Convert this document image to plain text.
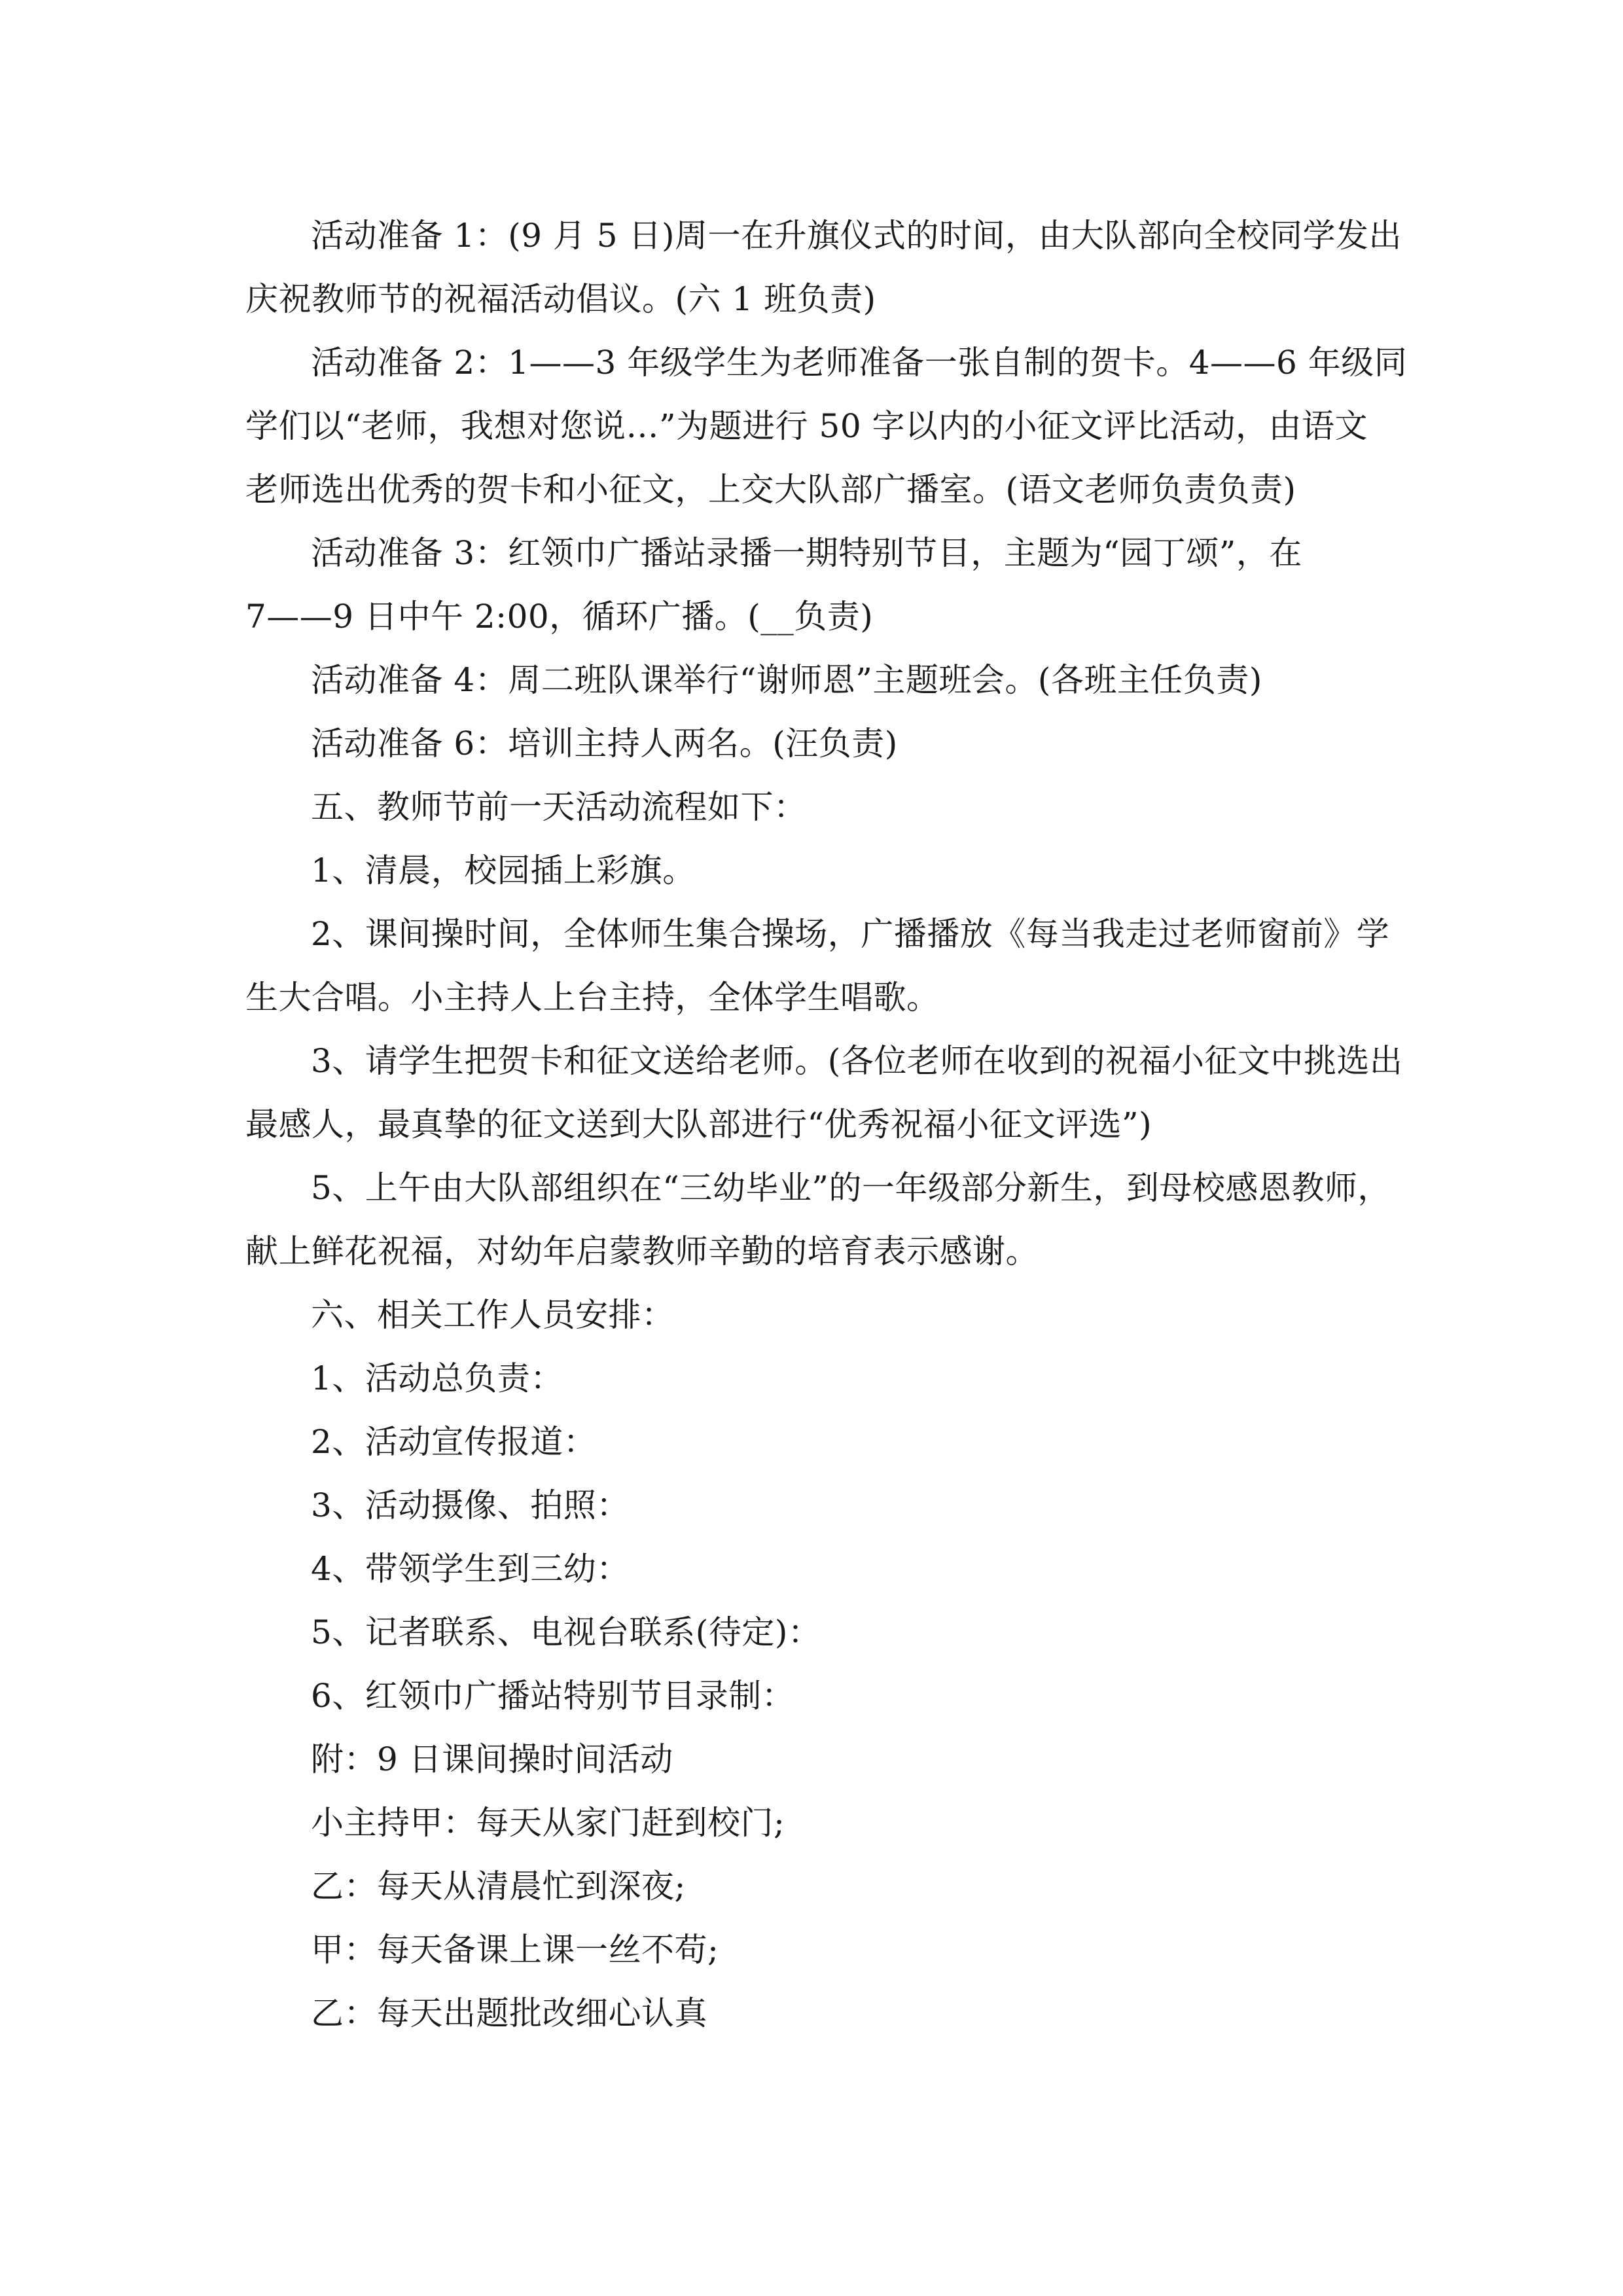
活动准备 1：(9 月 5 日)周一在升旗仪式的时间，由大队部向全校同学发出
庆祝教师节的祝福活动倡议。(六 1 班负责)
活动准备 2：1——3 年级学生为老师准备一张自制的贺卡。4——6 年级同
学们以“老师，我想对您说…”为题进行 50 字以内的小征文评比活动，由语文
老师选出优秀的贺卡和小征文，上交大队部广播室。(语文老师负责负责)
活动准备 3：红领巾广播站录播一期特别节目，主题为“园丁颂”，在
7——9 日中午 2:00，循环广播。(__负责)
活动准备 4：周二班队课举行“谢师恩”主题班会。(各班主任负责)
活动准备 6：培训主持人两名。(汪负责)
五、教师节前一天活动流程如下：
1、清晨，校园插上彩旗。
2、课间操时间，全体师生集合操场，广播播放《每当我走过老师窗前》学
生大合唱。小主持人上台主持，全体学生唱歌。
3、请学生把贺卡和征文送给老师。(各位老师在收到的祝福小征文中挑选出
最感人，最真挚的征文送到大队部进行“优秀祝福小征文评选”)
5、上午由大队部组织在“三幼毕业”的一年级部分新生，到母校感恩教师，
献上鲜花祝福，对幼年启蒙教师辛勤的培育表示感谢。
六、相关工作人员安排：
1、活动总负责：
2、活动宣传报道：
3、活动摄像、拍照：
4、带领学生到三幼：
5、记者联系、电视台联系(待定)：
6、红领巾广播站特别节目录制：
附：9 日课间操时间活动
小主持甲：每天从家门赶到校门;
乙：每天从清晨忙到深夜;
甲：每天备课上课一丝不苟;
乙：每天出题批改细心认真
